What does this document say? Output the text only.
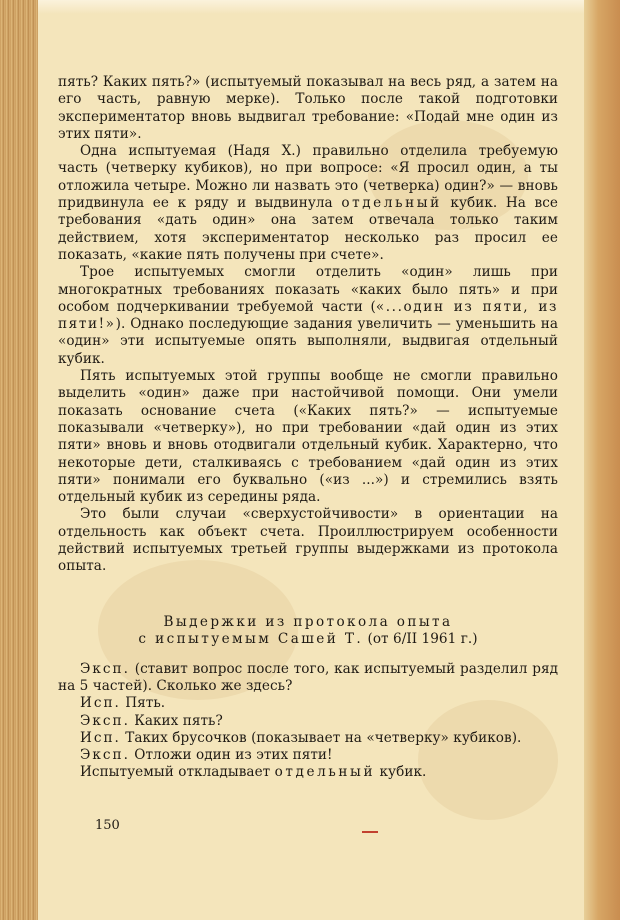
пять? Каких пять?» (испытуемый показывал на весь ряд, а затем на его часть, равную мерке). Только после такой подготовки экспериментатор вновь выдвигал требование: «Подай мне один из этих пяти».

Одна испытуемая (Надя X.) правильно отделила требуемую часть (четверку кубиков), но при вопросе: «Я просил один, а ты отложила четыре. Можно ли назвать это (четверка) один?» — вновь придвинула ее к ряду и выдвинула отдельный кубик. На все требования «дать один» она затем отвечала только таким действием, хотя экспериментатор несколько раз просил ее показать, «какие пять получены при счете».

Трое испытуемых смогли отделить «один» лишь при многократных требованиях показать «каких было пять» и при особом подчеркивании требуемой части («...один из пяти, из пяти!»). Однако последующие задания увеличить — уменьшить на «один» эти испытуемые опять выполняли, выдвигая отдельный кубик.

Пять испытуемых этой группы вообще не смогли правильно выделить «один» даже при настойчивой помощи. Они умели показать основание счета («Каких пять?» — испытуемые показывали «четверку»), но при требовании «дай один из этих пяти» вновь и вновь отодвигали отдельный кубик. Характерно, что некоторые дети, сталкиваясь с требованием «дай один из этих пяти» понимали его буквально («из ...») и стремились взять отдельный кубик из середины ряда.

Это были случаи «сверхустойчивости» в ориентации на отдельность как объект счета. Проиллюстрируем особенности действий испытуемых третьей группы выдержками из протокола опыта.

Выдержки из протокола опыта
с испытуемым Сашей Т. (от 6/II 1961 г.)

Эксп. (ставит вопрос после того, как испытуемый разделил ряд на 5 частей). Сколько же здесь?

Исп. Пять.

Эксп. Каких пять?

Исп. Таких брусочков (показывает на «четверку» кубиков).

Эксп. Отложи один из этих пяти!

Испытуемый откладывает отдельный кубик.

150
